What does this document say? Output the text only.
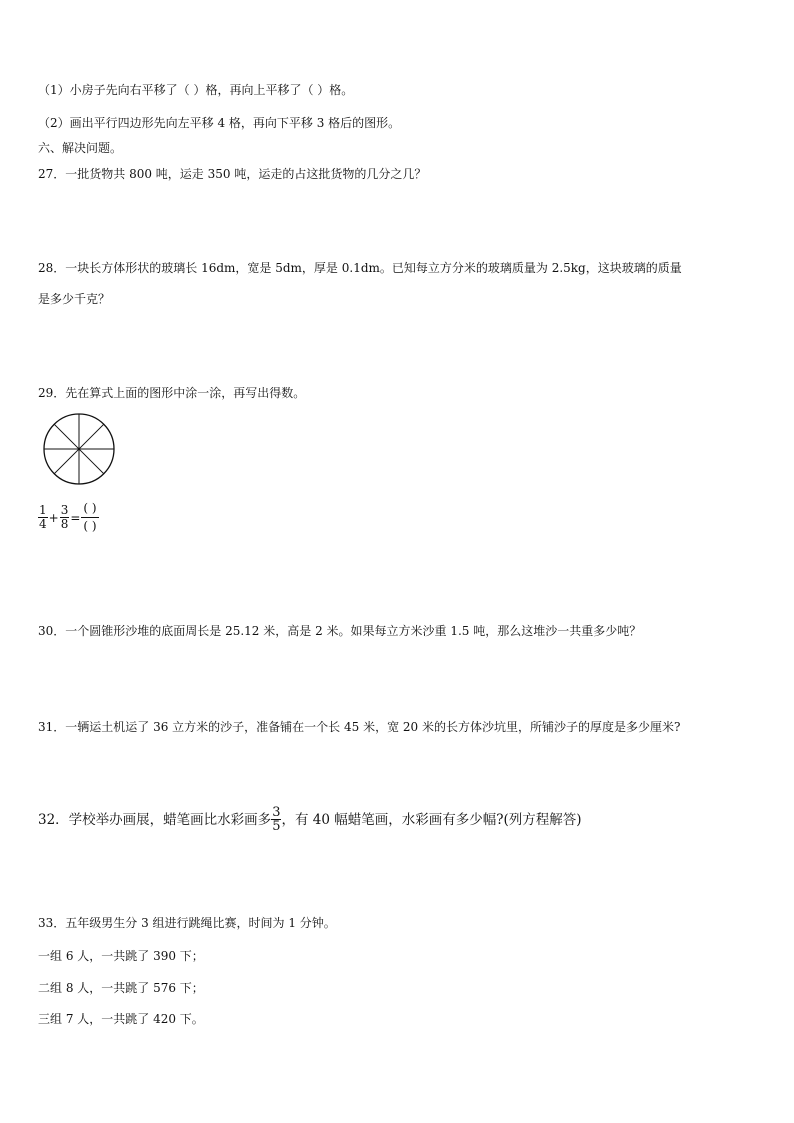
（1）小房子先向右平移了（ ）格，再向上平移了（ ）格。
（2）画出平行四边形先向左平移 4 格，再向下平移 3 格后的图形。
六、解决问题。
27．一批货物共 800 吨，运走 350 吨，运走的占这批货物的几分之几？
28．一块长方体形状的玻璃长 16dm，宽是 5dm，厚是 0.1dm。已知每立方分米的玻璃质量为 2.5kg，这块玻璃的质量
是多少千克？
29．先在算式上面的图形中涂一涂，再写出得数。
$\frac{1}{4} + \frac{3}{8} = \frac{( )}{( )}$
30．一个圆锥形沙堆的底面周长是 25.12 米，高是 2 米。如果每立方米沙重 1.5 吨，那么这堆沙一共重多少吨？
31．一辆运土机运了 36 立方米的沙子，准备铺在一个长 45 米，宽 20 米的长方体沙坑里，所铺沙子的厚度是多少厘米?
32．学校举办画展，蜡笔画比水彩画多 $\frac{3}{5}$ ，有 40 幅蜡笔画，水彩画有多少幅?(列方程解答)
33．五年级男生分 3 组进行跳绳比赛，时间为 1 分钟。
一组 6 人，一共跳了 390 下；
二组 8 人，一共跳了 576 下；
三组 7 人，一共跳了 420 下。
